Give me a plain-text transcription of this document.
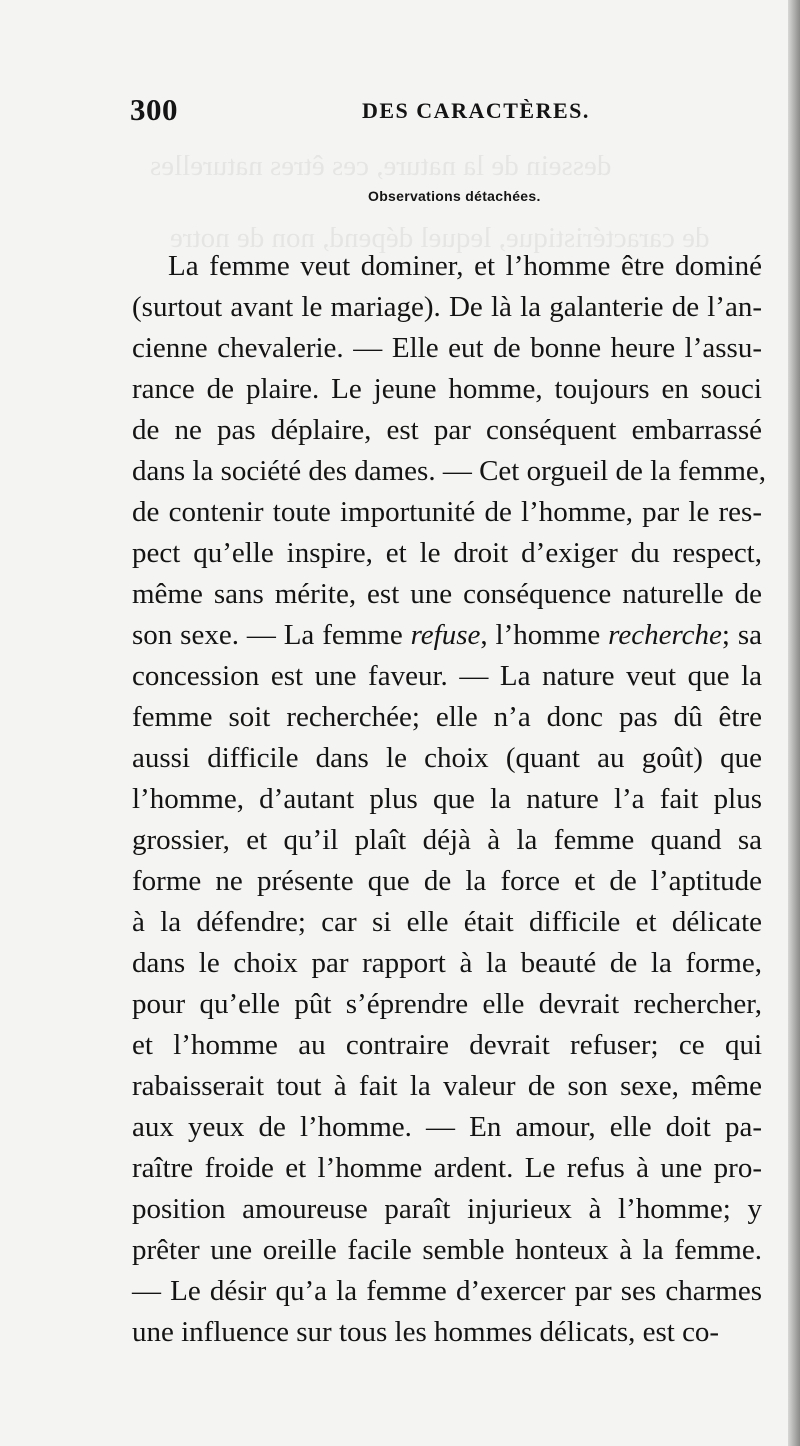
dessein de la nature, ces êtres naturelles
de caractéristique, lequel dépend, non de notre
300	DES CARACTÈRES.
Observations détachées.
La femme veut dominer, et l’homme être dominé
(surtout avant le mariage). De là la galanterie de l’an-
cienne chevalerie. — Elle eut de bonne heure l’assu-
rance de plaire. Le jeune homme, toujours en souci
de ne pas déplaire, est par conséquent embarrassé
dans la société des dames. — Cet orgueil de la femme,
de contenir toute importunité de l’homme, par le res-
pect qu’elle inspire, et le droit d’exiger du respect,
même sans mérite, est une conséquence naturelle de
son sexe. — La femme refuse, l’homme recherche; sa
concession est une faveur. — La nature veut que la
femme soit recherchée; elle n’a donc pas dû être
aussi difficile dans le choix (quant au goût) que
l’homme, d’autant plus que la nature l’a fait plus
grossier, et qu’il plaît déjà à la femme quand sa
forme ne présente que de la force et de l’aptitude
à la défendre; car si elle était difficile et délicate
dans le choix par rapport à la beauté de la forme,
pour qu’elle pût s’éprendre elle devrait rechercher,
et l’homme au contraire devrait refuser; ce qui
rabaisserait tout à fait la valeur de son sexe, même
aux yeux de l’homme. — En amour, elle doit pa-
raître froide et l’homme ardent. Le refus à une pro-
position amoureuse paraît injurieux à l’homme; y
prêter une oreille facile semble honteux à la femme.
— Le désir qu’a la femme d’exercer par ses charmes
une influence sur tous les hommes délicats, est co-
